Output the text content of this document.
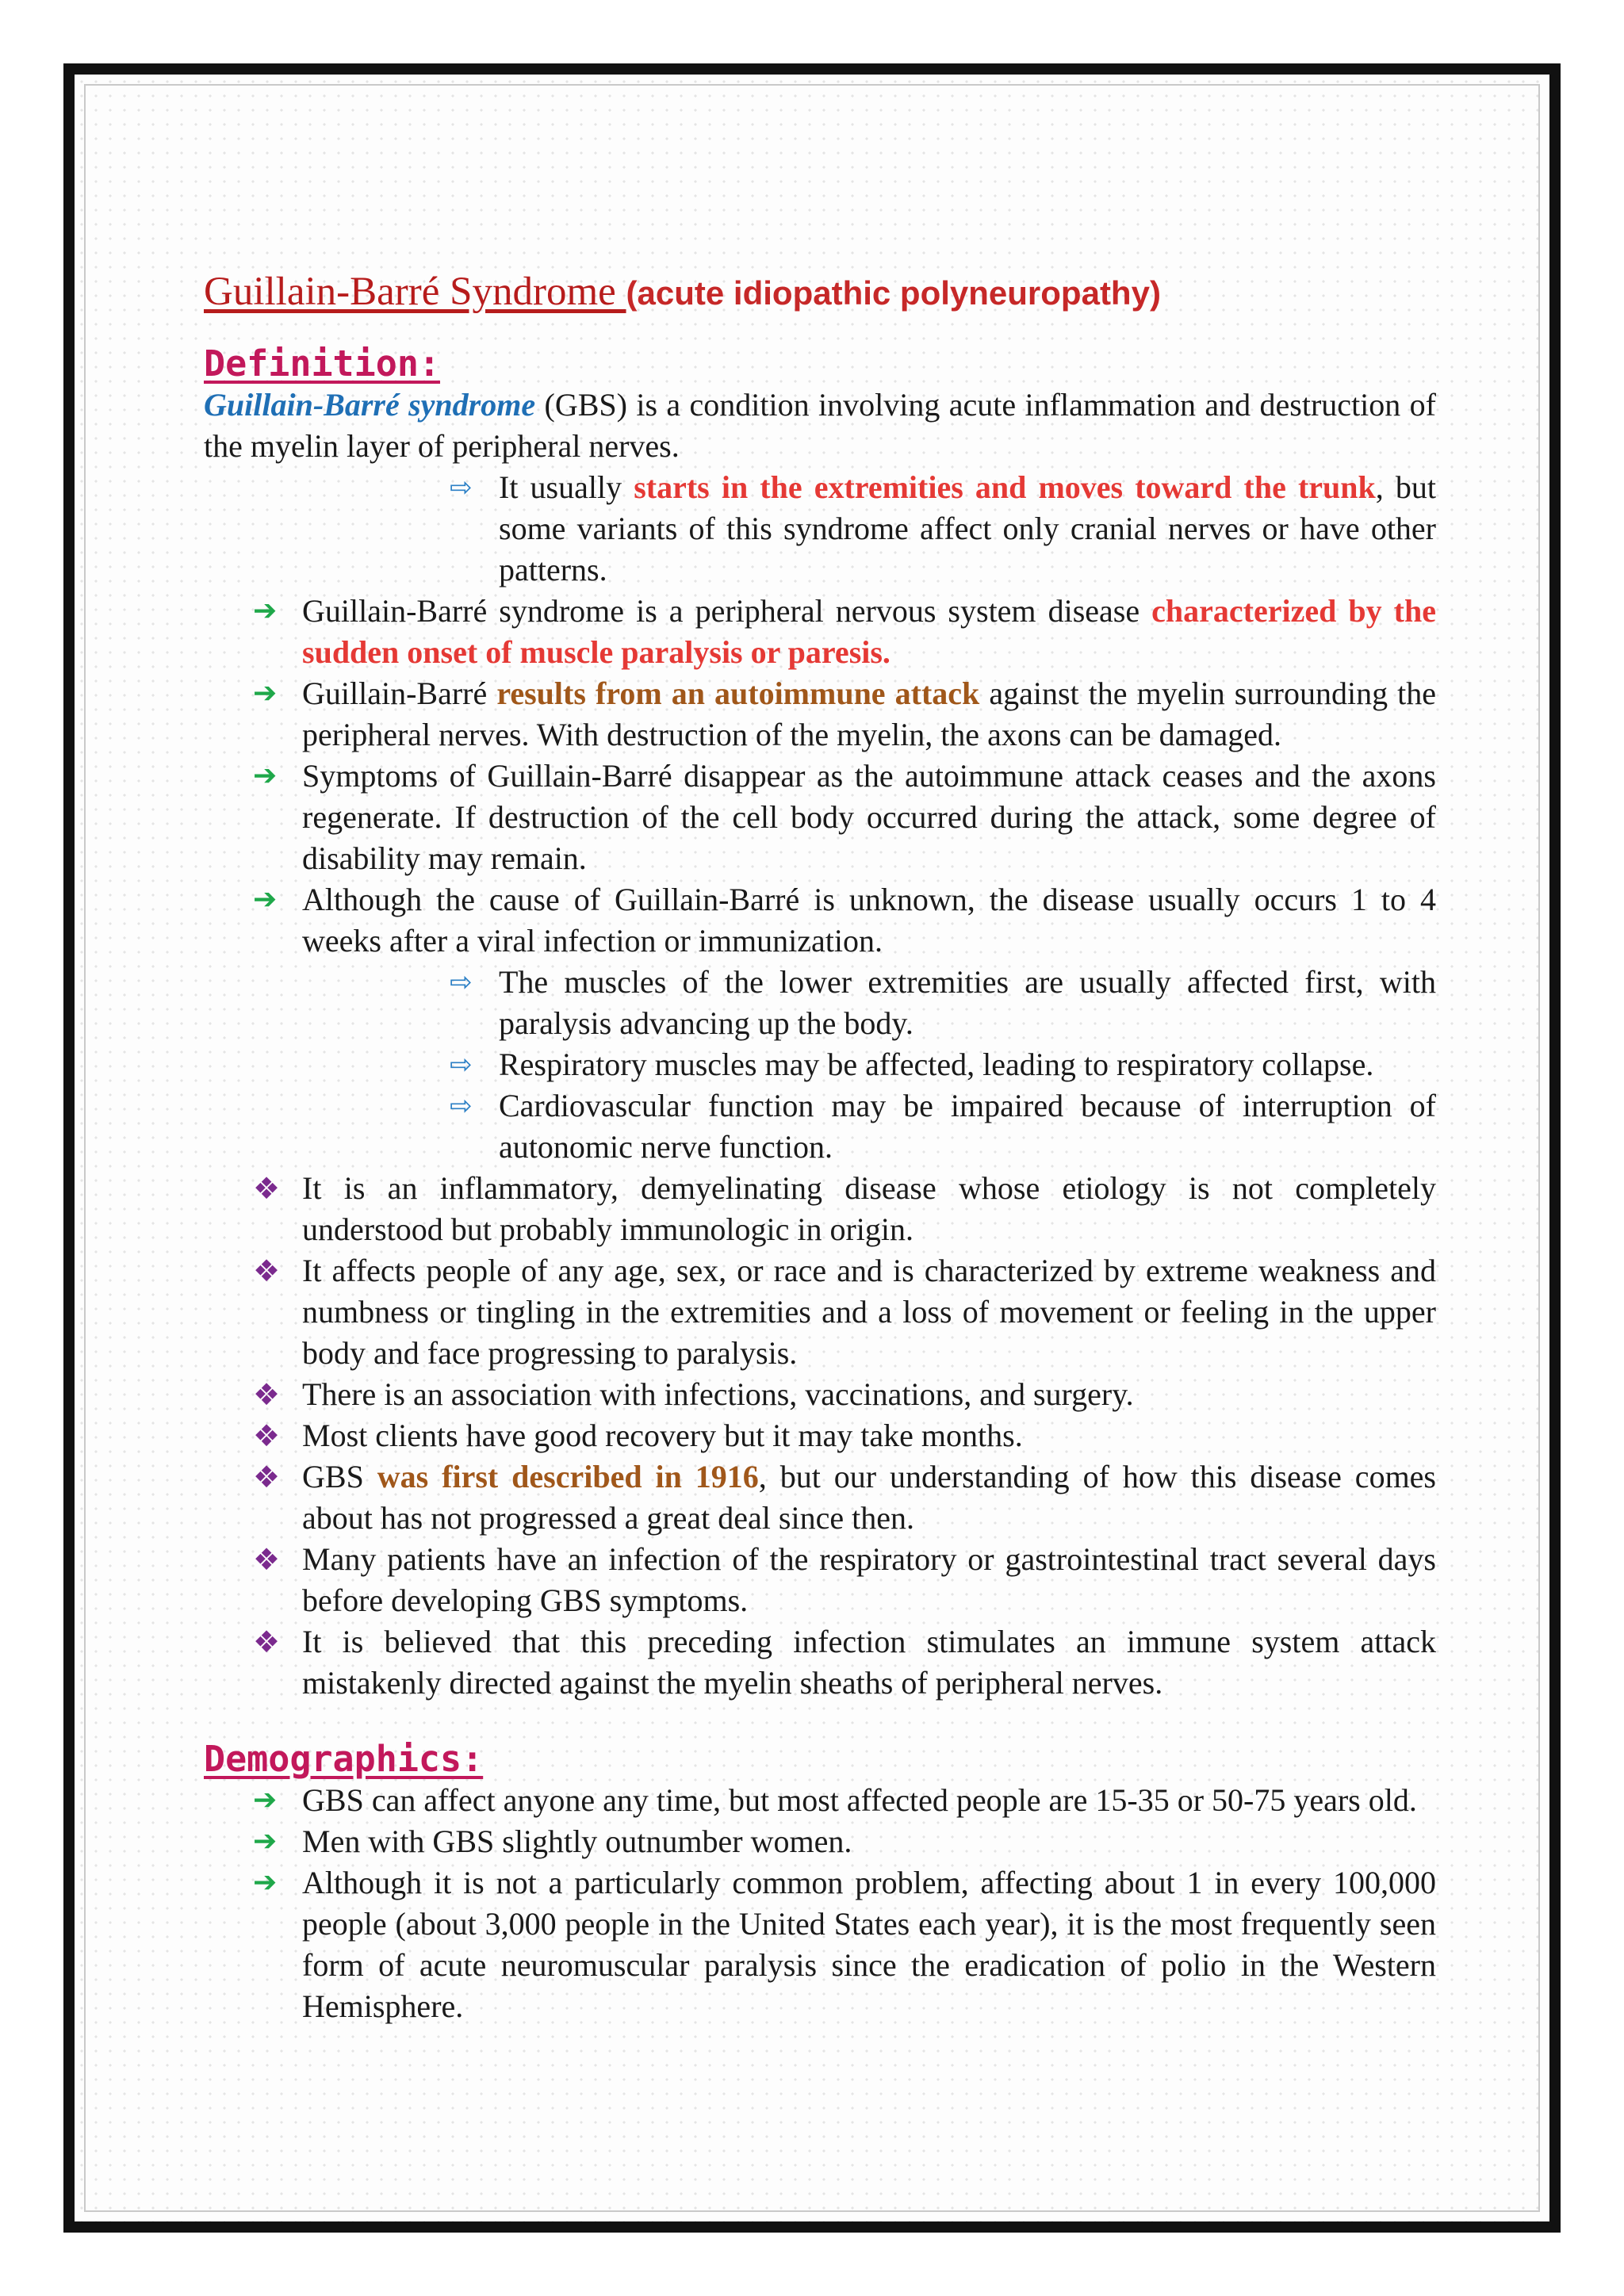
Guillain-Barré Syndrome (acute idiopathic polyneuropathy)
Definition:

Guillain-Barré syndrome (GBS) is a condition involving acute inflammation and destruction of the myelin layer of peripheral nerves.

⇨ It usually starts in the extremities and moves toward the trunk, but some variants of this syndrome affect only cranial nerves or have other patterns.
➔ Guillain-Barré syndrome is a peripheral nervous system disease characterized by the sudden onset of muscle paralysis or paresis.
➔ Guillain-Barré results from an autoimmune attack against the myelin surrounding the peripheral nerves. With destruction of the myelin, the axons can be damaged.
➔ Symptoms of Guillain-Barré disappear as the autoimmune attack ceases and the axons regenerate. If destruction of the cell body occurred during the attack, some degree of disability may remain.
➔ Although the cause of Guillain-Barré is unknown, the disease usually occurs 1 to 4 weeks after a viral infection or immunization.
⇨ The muscles of the lower extremities are usually affected first, with paralysis advancing up the body.
⇨ Respiratory muscles may be affected, leading to respiratory collapse.
⇨ Cardiovascular function may be impaired because of interruption of autonomic nerve function.
❖ It is an inflammatory, demyelinating disease whose etiology is not completely understood but probably immunologic in origin.
❖ It affects people of any age, sex, or race and is characterized by extreme weakness and numbness or tingling in the extremities and a loss of movement or feeling in the upper body and face progressing to paralysis.
❖ There is an association with infections, vaccinations, and surgery.
❖ Most clients have good recovery but it may take months.
❖ GBS was first described in 1916, but our understanding of how this disease comes about has not progressed a great deal since then.
❖ Many patients have an infection of the respiratory or gastrointestinal tract several days before developing GBS symptoms.
❖ It is believed that this preceding infection stimulates an immune system attack mistakenly directed against the myelin sheaths of peripheral nerves.
Demographics:
➔ GBS can affect anyone any time, but most affected people are 15-35 or 50-75 years old.
➔ Men with GBS slightly outnumber women.
➔ Although it is not a particularly common problem, affecting about 1 in every 100,000 people (about 3,000 people in the United States each year), it is the most frequently seen form of acute neuromuscular paralysis since the eradication of polio in the Western Hemisphere.
